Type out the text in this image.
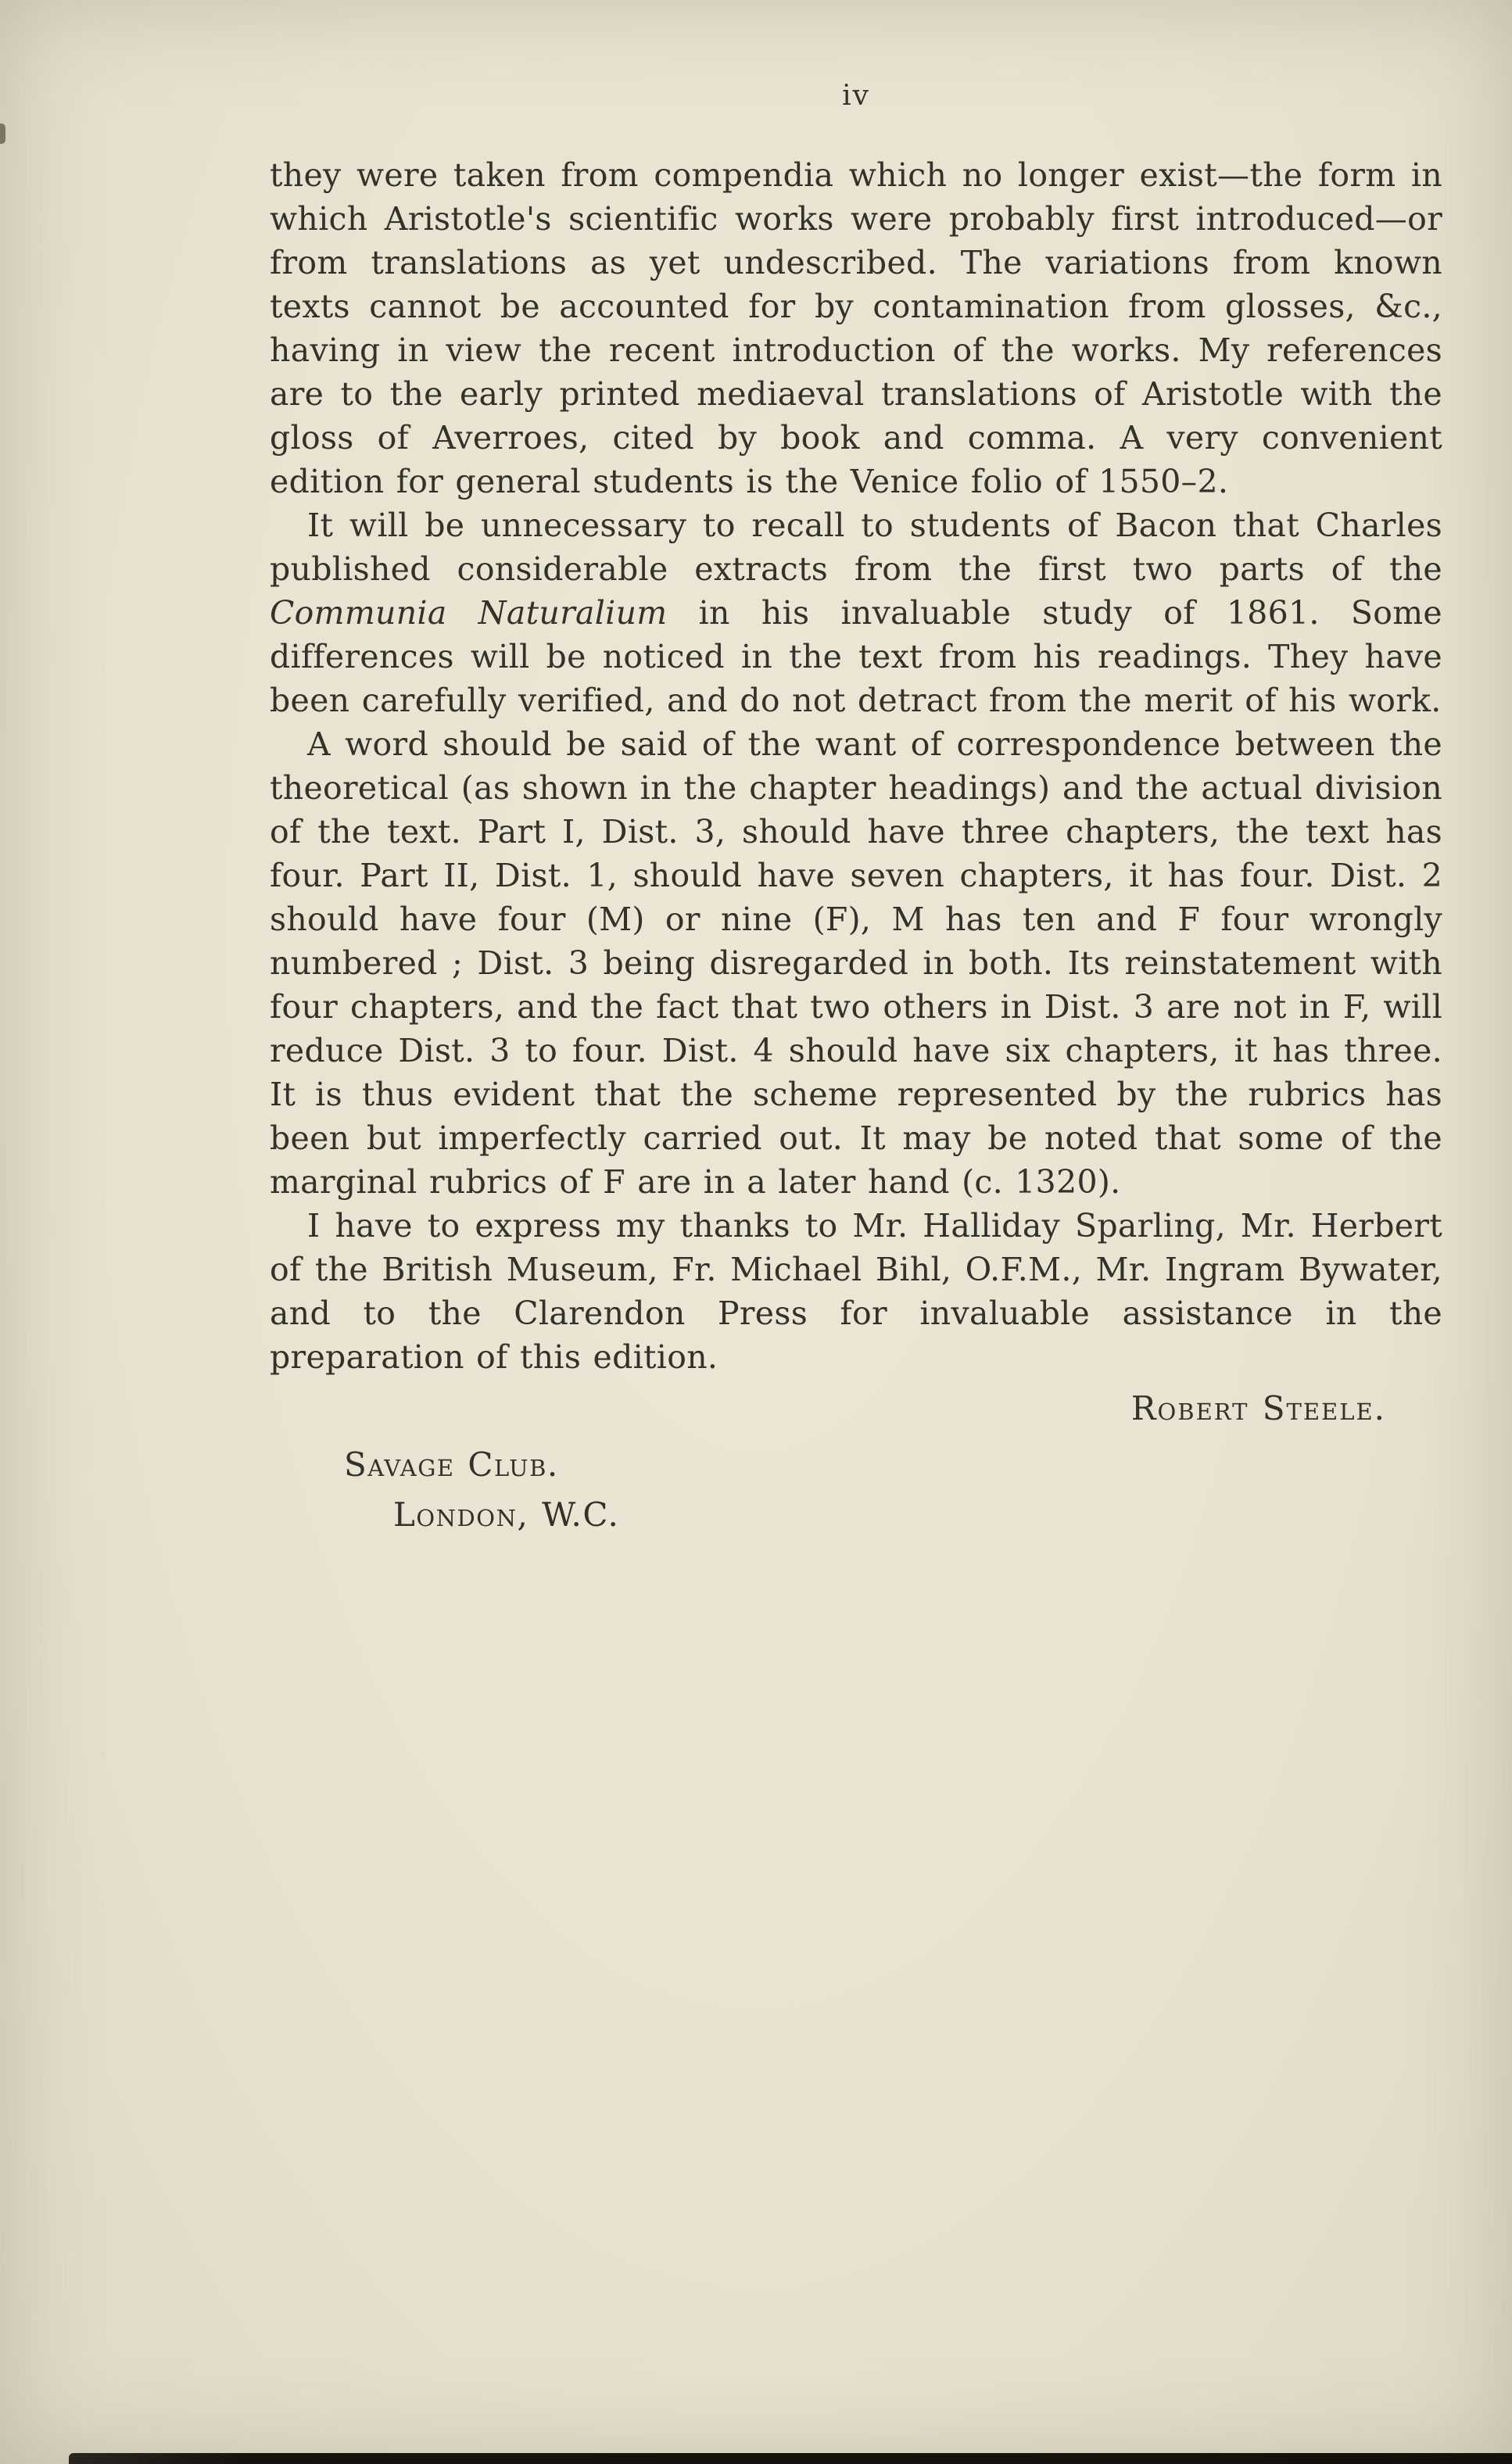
iv

they were taken from compendia which no longer exist—the form in which Aristotle's scientific works were probably first introduced—or from translations as yet undescribed. The variations from known texts cannot be accounted for by contamination from glosses, &c., having in view the recent introduction of the works. My references are to the early printed mediaeval translations of Aristotle with the gloss of Averroes, cited by book and comma. A very convenient edition for general students is the Venice folio of 1550–2.

It will be unnecessary to recall to students of Bacon that Charles published considerable extracts from the first two parts of the Communia Naturalium in his invaluable study of 1861. Some differences will be noticed in the text from his readings. They have been carefully verified, and do not detract from the merit of his work.

A word should be said of the want of correspondence between the theoretical (as shown in the chapter headings) and the actual division of the text. Part I, Dist. 3, should have three chapters, the text has four. Part II, Dist. 1, should have seven chapters, it has four. Dist. 2 should have four (M) or nine (F), M has ten and F four wrongly numbered ; Dist. 3 being disregarded in both. Its reinstatement with four chapters, and the fact that two others in Dist. 3 are not in F, will reduce Dist. 3 to four. Dist. 4 should have six chapters, it has three. It is thus evident that the scheme represented by the rubrics has been but imperfectly carried out. It may be noted that some of the marginal rubrics of F are in a later hand (c. 1320).

I have to express my thanks to Mr. Halliday Sparling, Mr. Herbert of the British Museum, Fr. Michael Bihl, O.F.M., Mr. Ingram Bywater, and to the Clarendon Press for invaluable assistance in the preparation of this edition.

Robert Steele.
Savage Club.
London, W.C.
